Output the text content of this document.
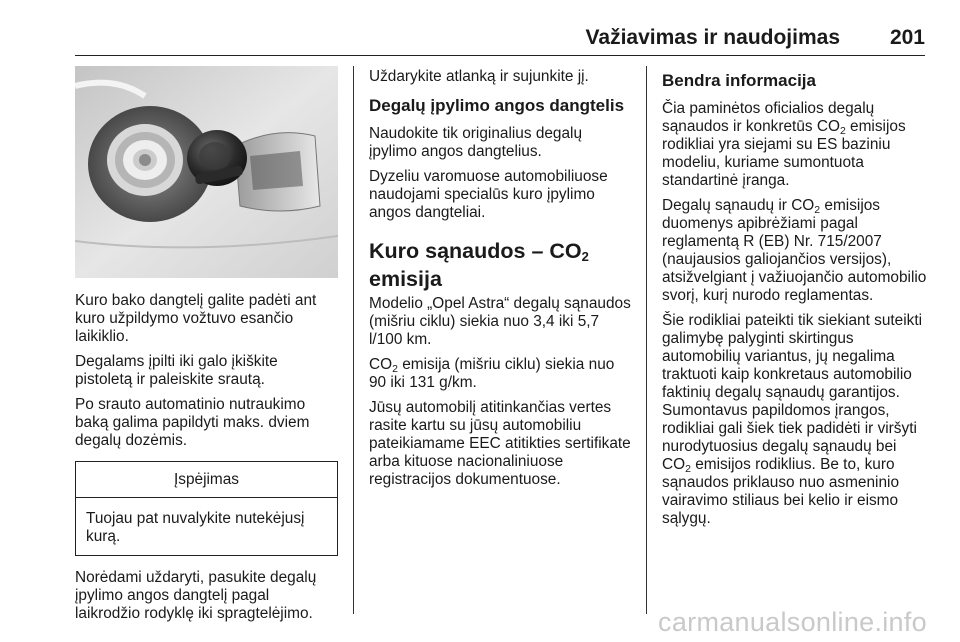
Važiavimas ir naudojimas 201

Kuro bako dangtelį galite padėti ant kuro užpildymo vožtuvo esančio laikiklio.

Degalams įpilti iki galo įkiškite pistoletą ir paleiskite srautą.

Po srauto automatinio nutraukimo baką galima papildyti maks. dviem degalų dozėmis.

Įspėjimas
Tuojau pat nuvalykite nutekėjusį kurą.

Norėdami uždaryti, pasukite degalų įpylimo angos dangtelį pagal laikrodžio rodyklę iki spragtelėjimo.

Uždarykite atlanką ir sujunkite jį.

Degalų įpylimo angos dangtelis

Naudokite tik originalius degalų įpylimo angos dangtelius.

Dyzeliu varomuose automobiliuose naudojami specialūs kuro įpylimo angos dangteliai.

Kuro sąnaudos – $CO_2$
emisija

Modelio „Opel Astra“ degalų sąnaudos (mišriu ciklu) siekia nuo 3,4 iki 5,7 l/100 km.

$CO_2$ emisija (mišriu ciklu) siekia nuo 90 iki 131 g/km.

Jūsų automobilį atitinkančias vertes rasite kartu su jūsų automobiliu pateikiamame EEC atitikties sertifikate arba kituose nacionaliniuose registracijos dokumentuose.

Bendra informacija

Čia paminėtos oficialios degalų sąnaudos ir konkretūs $CO_2$ emisijos rodikliai yra siejami su ES baziniu modeliu, kuriame sumontuota standartinė įranga.

Degalų sąnaudų ir $CO_2$ emisijos duomenys apibrėžiami pagal reglamentą R (EB) Nr. 715/2007 (naujausios galiojančios versijos), atsižvelgiant į važiuojančio automobilio svorį, kurį nurodo reglamentas.

Šie rodikliai pateikti tik siekiant suteikti galimybę palyginti skirtingus automobilių variantus, jų negalima traktuoti kaip konkretaus automobilio faktinių degalų sąnaudų garantijos. Sumontavus papildomos įrangos, rodikliai gali šiek tiek padidėti ir viršyti nurodytuosius degalų sąnaudų bei $CO_2$ emisijos rodiklius. Be to, kuro sąnaudos priklauso nuo asmeninio vairavimo stiliaus bei kelio ir eismo sąlygų.

carmanualsonline.info
